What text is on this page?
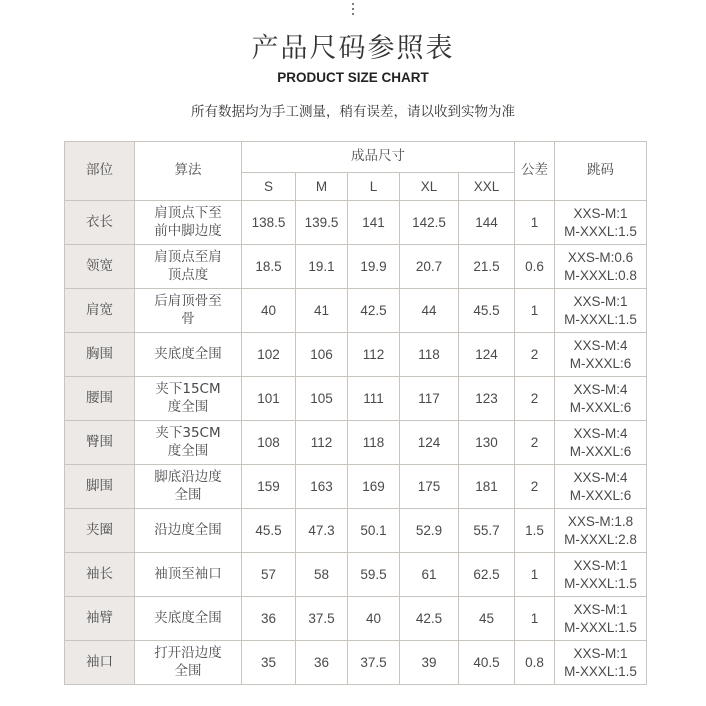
产品尺码参照表
PRODUCT SIZE CHART
所有数据均为手工测量，稍有误差，请以收到实物为准
部位	算法	成品尺寸					公差	跳码
		S	M	L	XL	XXL		
衣长	肩顶点下至前中脚边度	138.5	139.5	141	142.5	144	1	XXS-M:1
M-XXXL:1.5

领宽	肩顶点至肩顶点度	18.5	19.1	19.9	20.7	21.5	0.6	XXS-M:0.6
M-XXXL:0.8

肩宽	后肩顶骨至骨	40	41	42.5	44	45.5	1	XXS-M:1
M-XXXL:1.5

胸围	夹底度全围	102	106	112	118	124	2	XXS-M:4
M-XXXL:6

腰围	夹下15CM度全围	101	105	111	117	123	2	XXS-M:4
M-XXXL:6

臀围	夹下35CM度全围	108	112	118	124	130	2	XXS-M:4
M-XXXL:6

脚围	脚底沿边度全围	159	163	169	175	181	2	XXS-M:4
M-XXXL:6

夹圈	沿边度全围	45.5	47.3	50.1	52.9	55.7	1.5	XXS-M:1.8
M-XXXL:2.8

袖长	袖顶至袖口	57	58	59.5	61	62.5	1	XXS-M:1
M-XXXL:1.5

袖臂	夹底度全围	36	37.5	40	42.5	45	1	XXS-M:1
M-XXXL:1.5

袖口	打开沿边度全围	35	36	37.5	39	40.5	0.8	XXS-M:1
M-XXXL:1.5
